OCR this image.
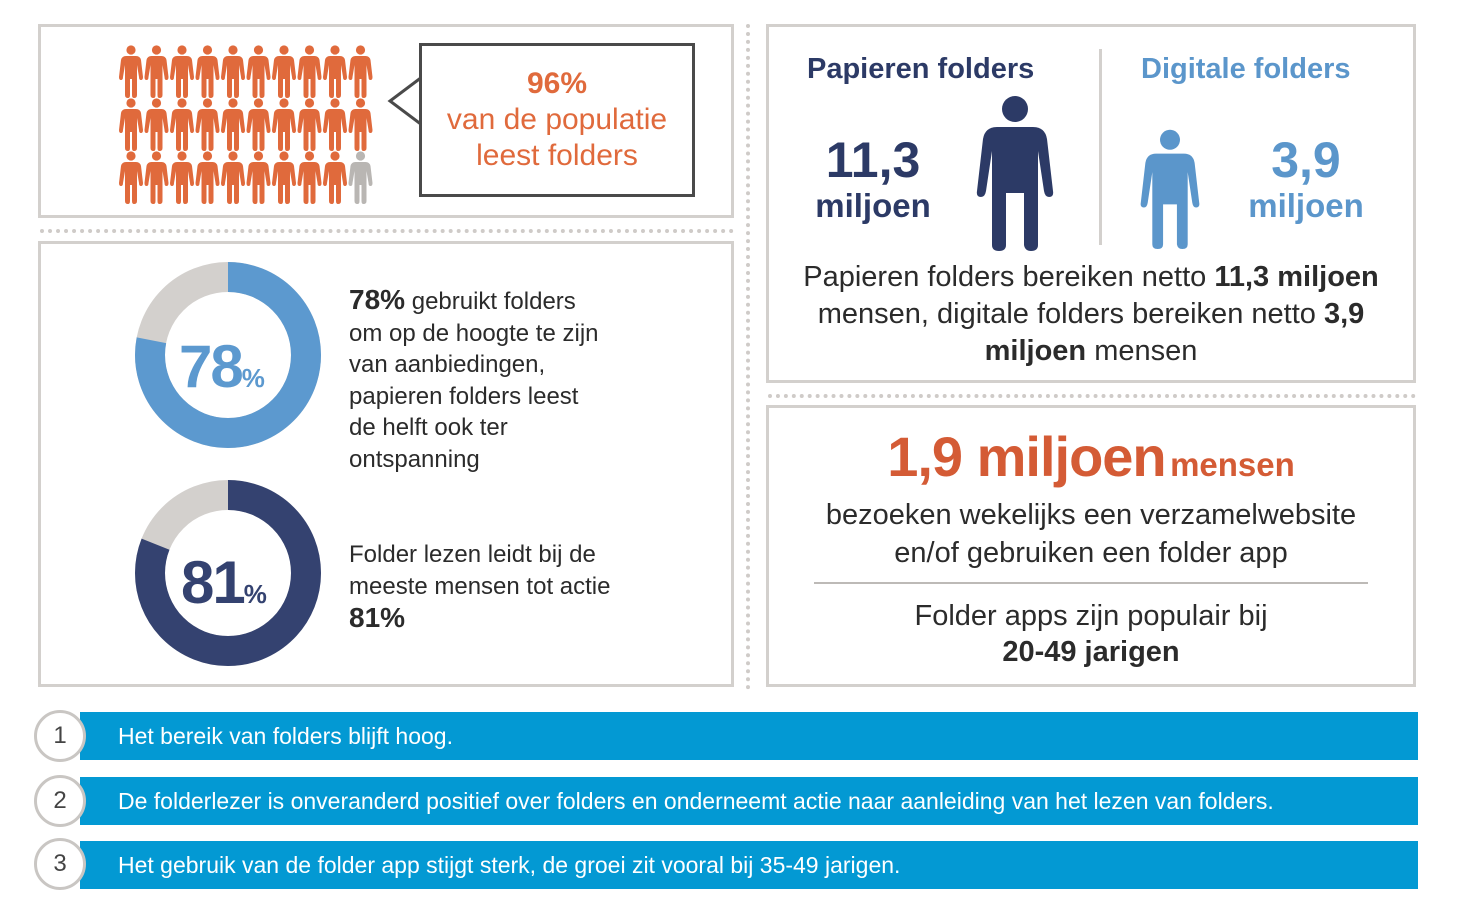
96%
van de populatie
leest folders
78%
81%
78% gebruikt folders om op de hoogte te zijn van aanbiedingen, papieren folders leest de helft ook ter ontspanning
Folder lezen leidt bij de meeste mensen tot actie 81%
Papieren folders	Digitale folders
11,3
miljoen
3,9
miljoen
Papieren folders bereiken netto 11,3 miljoen mensen, digitale folders bereiken netto 3,9 miljoen mensen
1,9 miljoen mensen
bezoeken wekelijks een verzamelwebsite
en/of gebruiken een folder app
Folder apps zijn populair bij
20-49 jarigen
Het bereik van folders blijft hoog.
1
De folderlezer is onveranderd positief over folders en onderneemt actie naar aanleiding van het lezen van folders.
2
Het gebruik van de folder app stijgt sterk, de groei zit vooral bij 35-49 jarigen.
3
